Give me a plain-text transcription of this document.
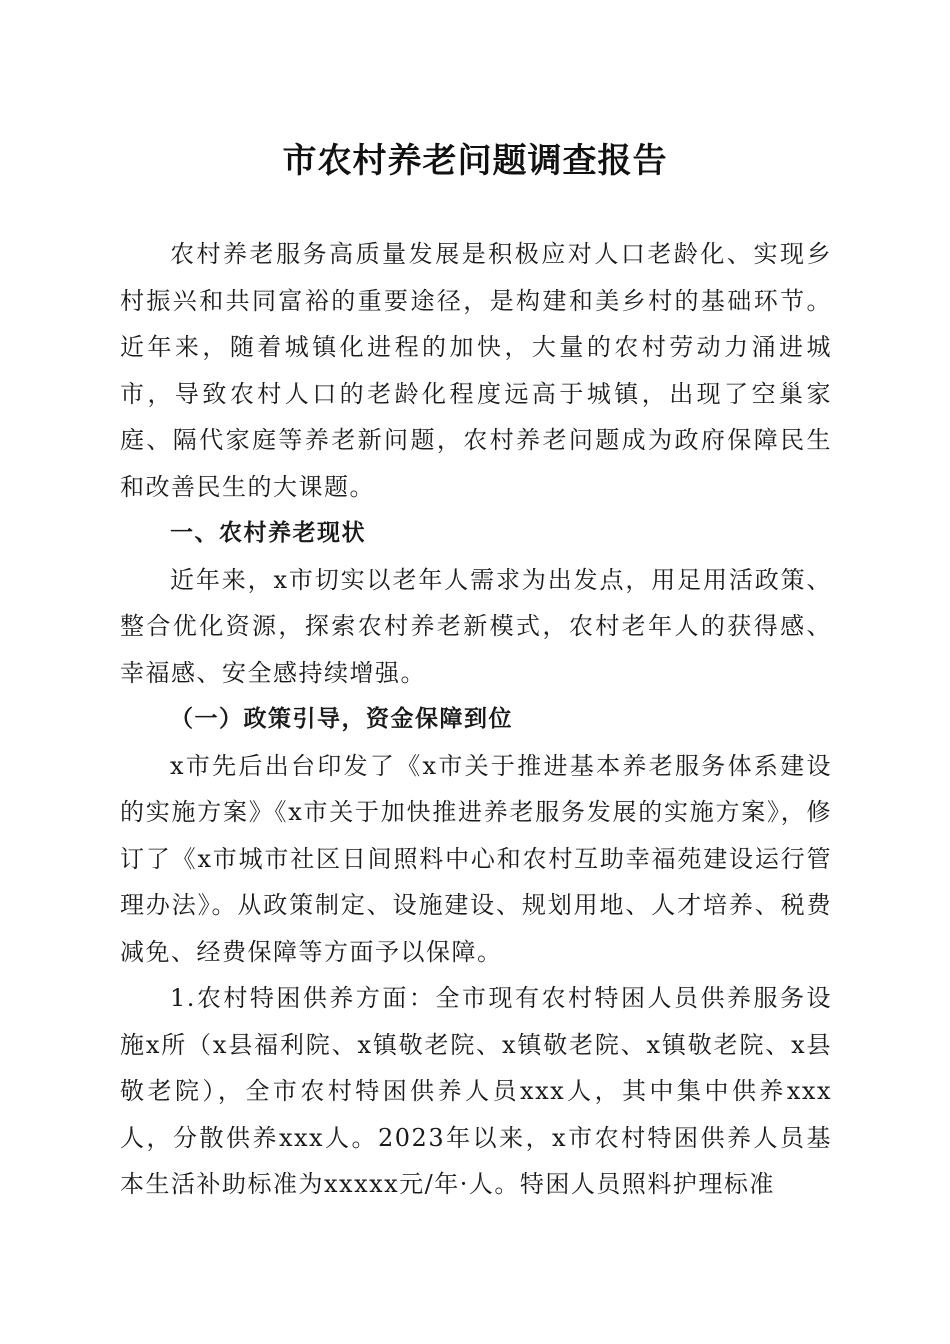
市农村养老问题调查报告

农村养老服务高质量发展是积极应对人口老龄化、实现乡村振兴和共同富裕的重要途径，是构建和美乡村的基础环节。近年来，随着城镇化进程的加快，大量的农村劳动力涌进城市，导致农村人口的老龄化程度远高于城镇，出现了空巢家庭、隔代家庭等养老新问题，农村养老问题成为政府保障民生和改善民生的大课题。

一、农村养老现状

近年来，x市切实以老年人需求为出发点，用足用活政策、整合优化资源，探索农村养老新模式，农村老年人的获得感、幸福感、安全感持续增强。

（一）政策引导，资金保障到位

x市先后出台印发了《x市关于推进基本养老服务体系建设的实施方案》《x市关于加快推进养老服务发展的实施方案》，修订了《x市城市社区日间照料中心和农村互助幸福苑建设运行管理办法》。从政策制定、设施建设、规划用地、人才培养、税费减免、经费保障等方面予以保障。

1.农村特困供养方面：全市现有农村特困人员供养服务设施x所（x县福利院、x镇敬老院、x镇敬老院、x镇敬老院、x县敬老院），全市农村特困供养人员xxx人，其中集中供养xxx人，分散供养xxx人。2023年以来，x市农村特困供养人员基本生活补助标准为xxxxx元/年·人。特困人员照料护理标准
